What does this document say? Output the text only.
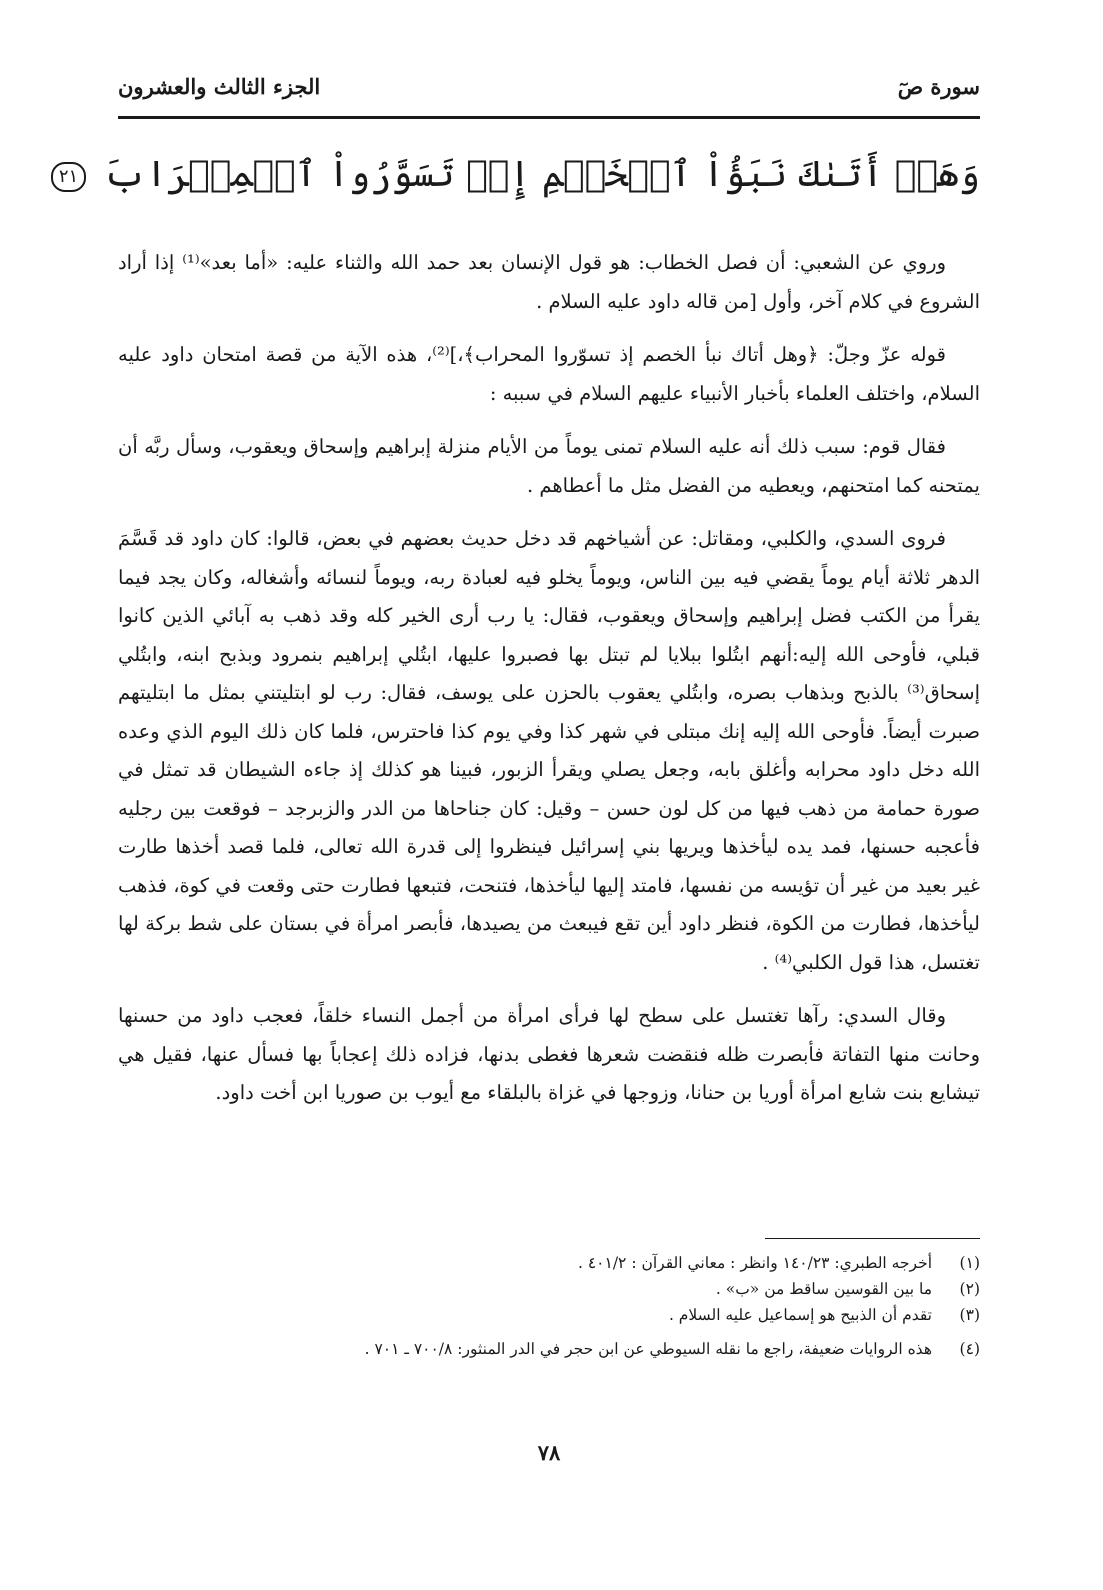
سورة صٓ
الجزء الثالث والعشرون
وَهَلۡ أَتَىٰكَ نَبَؤُاْ ٱلۡخَصۡمِ إِذۡ تَسَوَّرُواْ ٱلۡمِحۡرَابَ ٢١

وروي عن الشعبي: أن فصل الخطاب: هو قول الإنسان بعد حمد الله والثناء عليه: «أما بعد»⁽¹⁾ إذا أراد الشروع في كلام آخر، وأول [من قاله داود عليه السلام .

قوله عزّ وجلّ: ﴿وهل أتاك نبأ الخصم إذ تسوّروا المحراب﴾،]⁽²⁾، هذه الآية من قصة امتحان داود عليه السلام، واختلف العلماء بأخبار الأنبياء عليهم السلام في سببه :

فقال قوم: سبب ذلك أنه عليه السلام تمنى يوماً من الأيام منزلة إبراهيم وإسحاق ويعقوب، وسأل ربَّه أن يمتحنه كما امتحنهم، ويعطيه من الفضل مثل ما أعطاهم .

فروى السدي، والكلبي، ومقاتل: عن أشياخهم قد دخل حديث بعضهم في بعض، قالوا: كان داود قد قَسَّمَ الدهر ثلاثة أيام يوماً يقضي فيه بين الناس، ويوماً يخلو فيه لعبادة ربه، ويوماً لنسائه وأشغاله، وكان يجد فيما يقرأ من الكتب فضل إبراهيم وإسحاق ويعقوب، فقال: يا رب أرى الخير كله وقد ذهب به آبائي الذين كانوا قبلي، فأوحى الله إليه:أنهم ابتُلوا ببلايا لم تبتل بها فصبروا عليها، ابتُلي إبراهيم بنمرود وبذبح ابنه، وابتُلي إسحاق⁽³⁾ بالذبح وبذهاب بصره، وابتُلي يعقوب بالحزن على يوسف، فقال: رب لو ابتليتني بمثل ما ابتليتهم صبرت أيضاً. فأوحى الله إليه إنك مبتلى في شهر كذا وفي يوم كذا فاحترس، فلما كان ذلك اليوم الذي وعده الله دخل داود محرابه وأغلق بابه، وجعل يصلي ويقرأ الزبور، فبينا هو كذلك إذ جاءه الشيطان قد تمثل في صورة حمامة من ذهب فيها من كل لون حسن – وقيل: كان جناحاها من الدر والزبرجد – فوقعت بين رجليه فأعجبه حسنها، فمد يده ليأخذها ويريها بني إسرائيل فينظروا إلى قدرة الله تعالى، فلما قصد أخذها طارت غير بعيد من غير أن تؤيسه من نفسها، فامتد إليها ليأخذها، فتنحت، فتبعها فطارت حتى وقعت في كوة، فذهب ليأخذها، فطارت من الكوة، فنظر داود أين تقع فيبعث من يصيدها، فأبصر امرأة في بستان على شط بركة لها تغتسل، هذا قول الكلبي⁽⁴⁾ .

وقال السدي: رآها تغتسل على سطح لها فرأى امرأة من أجمل النساء خلقاً، فعجب داود من حسنها وحانت منها التفاتة فأبصرت ظله فنقضت شعرها فغطى بدنها، فزاده ذلك إعجاباً بها فسأل عنها، فقيل هي تيشايع بنت شايع امرأة أوريا بن حنانا، وزوجها في غزاة بالبلقاء مع أيوب بن صوريا ابن أخت داود.

(١)
أخرجه الطبري: ١٤٠/٢٣ وانظر : معاني القرآن : ٤٠١/٢ .
(٢)
ما بين القوسين ساقط من «ب» .
(٣)
تقدم أن الذبيح هو إسماعيل عليه السلام .
(٤)
هذه الروايات ضعيفة، راجع ما نقله السيوطي عن ابن حجر في الدر المنثور: ٧٠٠/٨ ـ ٧٠١ .
٧٨
